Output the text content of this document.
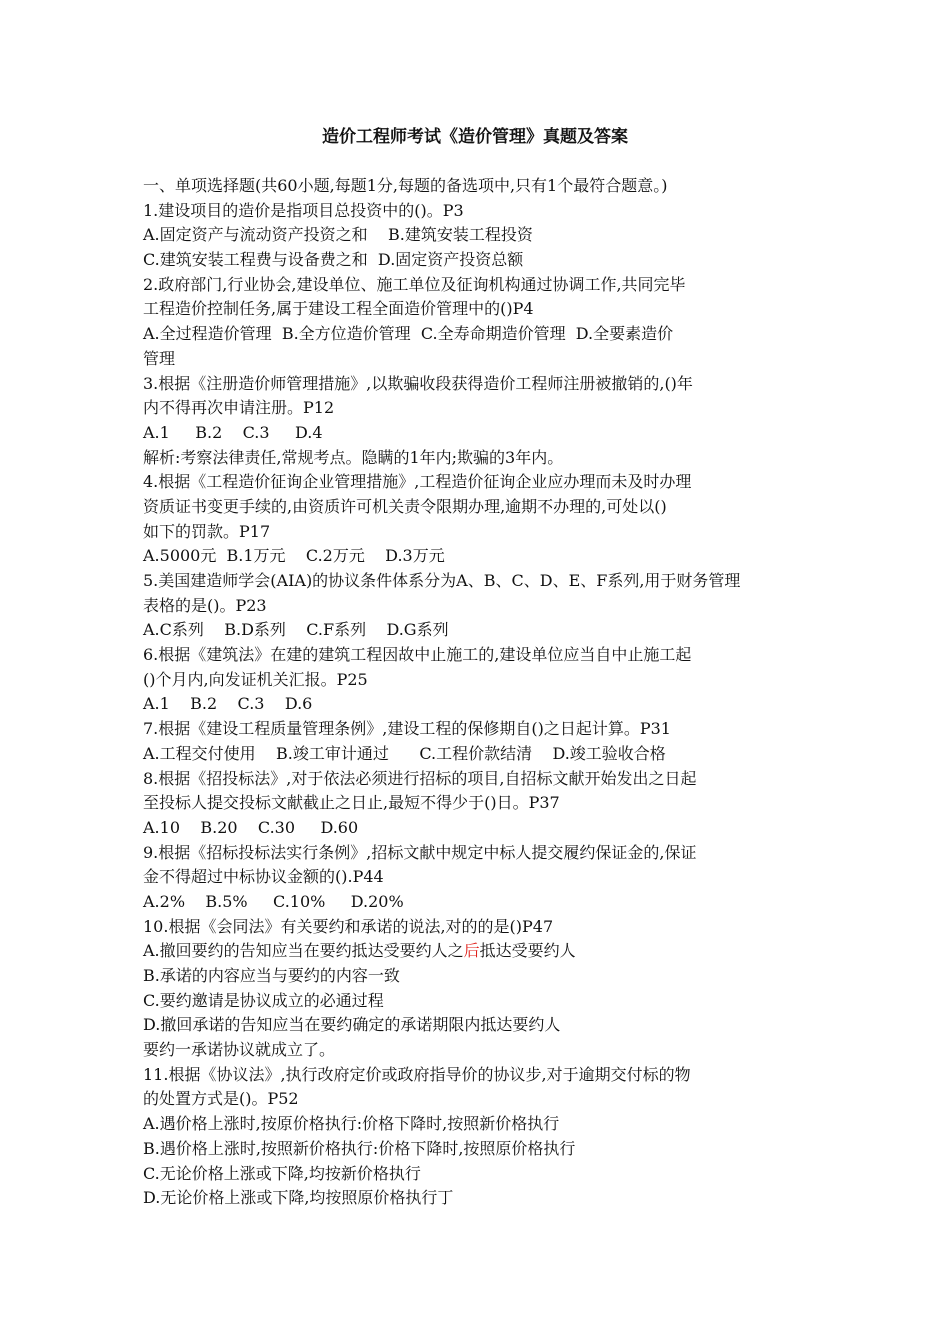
造价工程师考试《造价管理》真题及答案
一、单项选择题(共60小题,每题1分,每题的备选项中,只有1个最符合题意。)
1.建设项目的造价是指项目总投资中的()。P3
A.固定资产与流动资产投资之和    B.建筑安装工程投资
C.建筑安装工程费与设备费之和  D.固定资产投资总额
2.政府部门,行业协会,建设单位、施工单位及征询机构通过协调工作,共同完毕
工程造价控制任务,属于建设工程全面造价管理中的()P4
A.全过程造价管理  B.全方位造价管理  C.全寿命期造价管理  D.全要素造价
管理
3.根据《注册造价师管理措施》,以欺骗收段获得造价工程师注册被撤销的,()年
内不得再次申请注册。P12
A.1     B.2    C.3     D.4
解析:考察法律责任,常规考点。隐瞒的1年内;欺骗的3年内。
4.根据《工程造价征询企业管理措施》,工程造价征询企业应办理而未及时办理
资质证书变更手续的,由资质许可机关责令限期办理,逾期不办理的,可处以()
如下的罚款。P17
A.5000元  B.1万元    C.2万元    D.3万元
5.美国建造师学会(AIA)的协议条件体系分为A、B、C、D、E、F系列,用于财务管理
表格的是()。P23
A.C系列    B.D系列    C.F系列    D.G系列
6.根据《建筑法》在建的建筑工程因故中止施工的,建设单位应当自中止施工起
()个月内,向发证机关汇报。P25
A.1    B.2    C.3    D.6
7.根据《建设工程质量管理条例》,建设工程的保修期自()之日起计算。P31
A.工程交付使用    B.竣工审计通过      C.工程价款结清    D.竣工验收合格
8.根据《招投标法》,对于依法必须进行招标的项目,自招标文献开始发出之日起
至投标人提交投标文献截止之日止,最短不得少于()日。P37
A.10    B.20    C.30     D.60
9.根据《招标投标法实行条例》,招标文献中规定中标人提交履约保证金的,保证
金不得超过中标协议金额的().P44
A.2%    B.5%     C.10%     D.20%
10.根据《会同法》有关要约和承诺的说法,对的的是()P47
A.撤回要约的告知应当在要约抵达受要约人之后抵达受要约人
B.承诺的内容应当与要约的内容一致
C.要约邀请是协议成立的必通过程
D.撤回承诺的告知应当在要约确定的承诺期限内抵达要约人
要约一承诺协议就成立了。
11.根据《协议法》,执行改府定价或政府指导价的协议步,对于逾期交付标的物
的处置方式是()。P52
A.遇价格上涨时,按原价格执行:价格下降时,按照新价格执行
B.遇价格上涨时,按照新价格执行:价格下降时,按照原价格执行
C.无论价格上涨或下降,均按新价格执行
D.无论价格上涨或下降,均按照原价格执行丁
